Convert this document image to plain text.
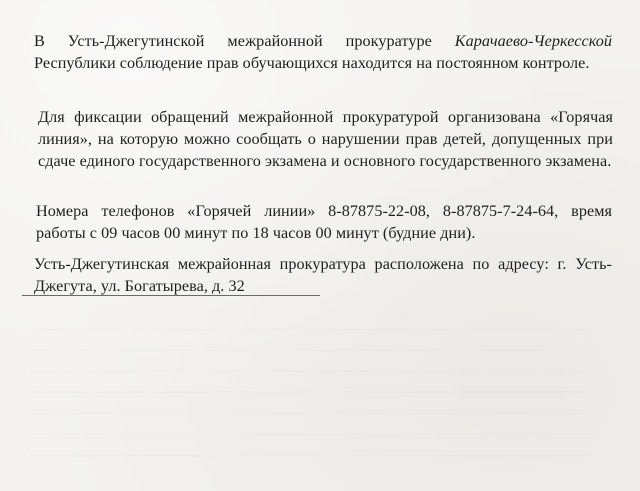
В Усть-Джегутинской межрайонной прокуратуре Карачаево-Черкесской Республики соблюдение прав обучающихся находится на постоянном контроле.

Для фиксации обращений межрайонной прокуратурой организована «Горячая линия», на которую можно сообщать о нарушении прав детей, допущенных при сдаче единого государственного экзамена и основного государственного экзамена.

Номера телефонов «Горячей линии» 8-87875-22-08, 8-87875-7-24-64, время работы с 09 часов 00 минут по 18 часов 00 минут (будние дни).

Усть-Джегутинская межрайонная прокуратура расположена по адресу: г. Усть-Джегута, ул. Богатырева, д. 32
